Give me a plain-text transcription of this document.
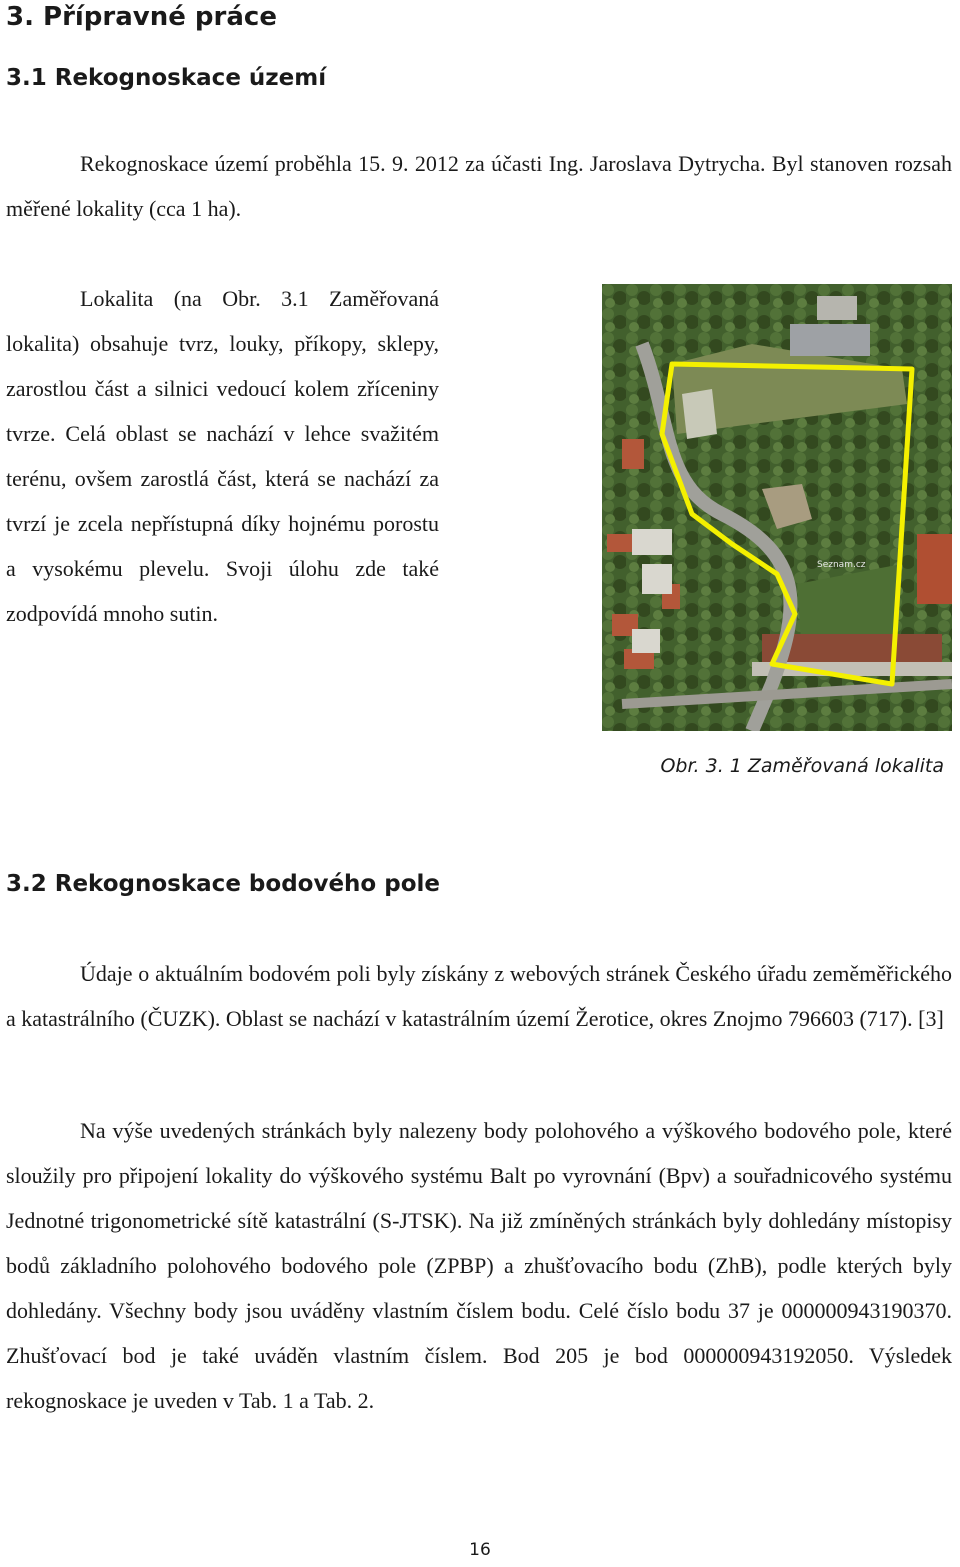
3. Přípravné práce
3.1 Rekognoskace území

Rekognoskace území proběhla 15. 9. 2012 za účasti Ing. Jaroslava Dytrycha. Byl stanoven rozsah měřené lokality (cca 1 ha).

Lokalita (na Obr. 3.1 Zaměřovaná lokalita) obsahuje tvrz, louky, příkopy, sklepy, zarostlou část a silnici vedoucí kolem zříceniny tvrze. Celá oblast se nachází v lehce svažitém terénu, ovšem zarostlá část, která se nachází za tvrzí je zcela nepřístupná díky hojnému porostu a vysokému plevelu. Svoji úlohu zde také zodpovídá mnoho sutin.

Seznam.cz
Obr. 3. 1 Zaměřovaná lokalita
3.2 Rekognoskace bodového pole

Údaje o aktuálním bodovém poli byly získány z webových stránek Českého úřadu zeměměřického a katastrálního (ČUZK). Oblast se nachází v katastrálním území Žerotice, okres Znojmo 796603 (717). [3]

Na výše uvedených stránkách byly nalezeny body polohového a výškového bodového pole, které sloužily pro připojení lokality do výškového systému Balt po vyrovnání (Bpv) a souřadnicového systému Jednotné trigonometrické sítě katastrální (S-JTSK). Na již zmíněných stránkách byly dohledány místopisy bodů základního polohového bodového pole (ZPBP) a zhušťovacího bodu (ZhB), podle kterých byly dohledány. Všechny body jsou uváděny vlastním číslem bodu. Celé číslo bodu 37 je 000000943190370. Zhušťovací bod je také uváděn vlastním číslem. Bod 205 je bod 000000943192050. Výsledek rekognoskace je uveden v Tab. 1 a Tab. 2.

16
